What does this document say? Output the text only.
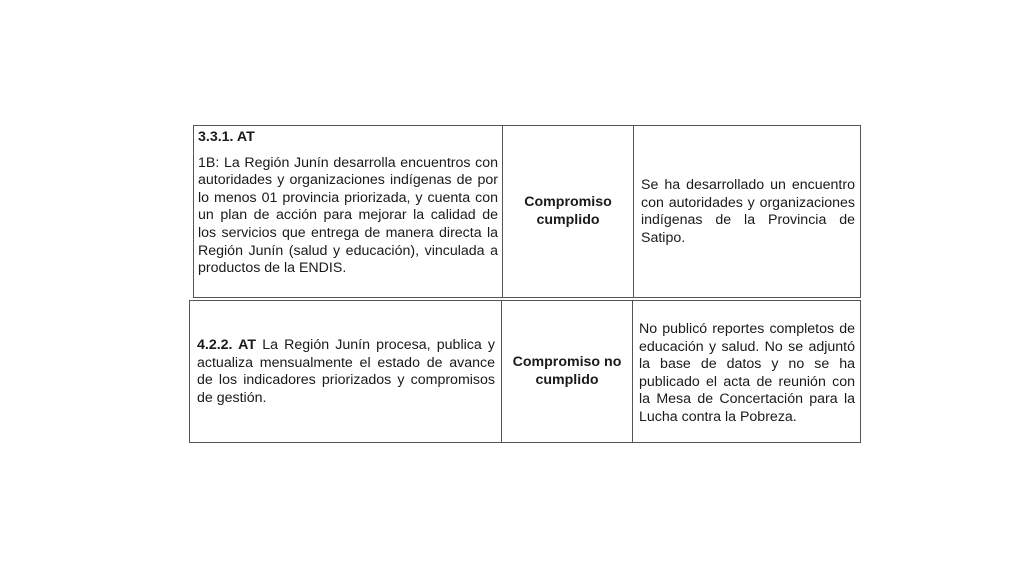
3.3.1. AT

1B: La Región Junín desarrolla encuentros con autoridades y organizaciones indígenas de por lo menos 01 provincia priorizada, y cuenta con un plan de acción para mejorar la calidad de los servicios que entrega de manera directa la Región Junín (salud y educación), vinculada a productos de la ENDIS.

Compromiso
cumplido

Se ha desarrollado un encuentro con autoridades y organizaciones indígenas de la Provincia de Satipo.

4.2.2. AT La Región Junín procesa, publica y actualiza mensualmente el estado de avance de los indicadores priorizados y compromisos de gestión.

Compromiso no
cumplido

No publicó reportes completos de educación y salud. No se adjuntó la base de datos y no se ha publicado el acta de reunión con la Mesa de Concertación para la Lucha contra la Pobreza.
